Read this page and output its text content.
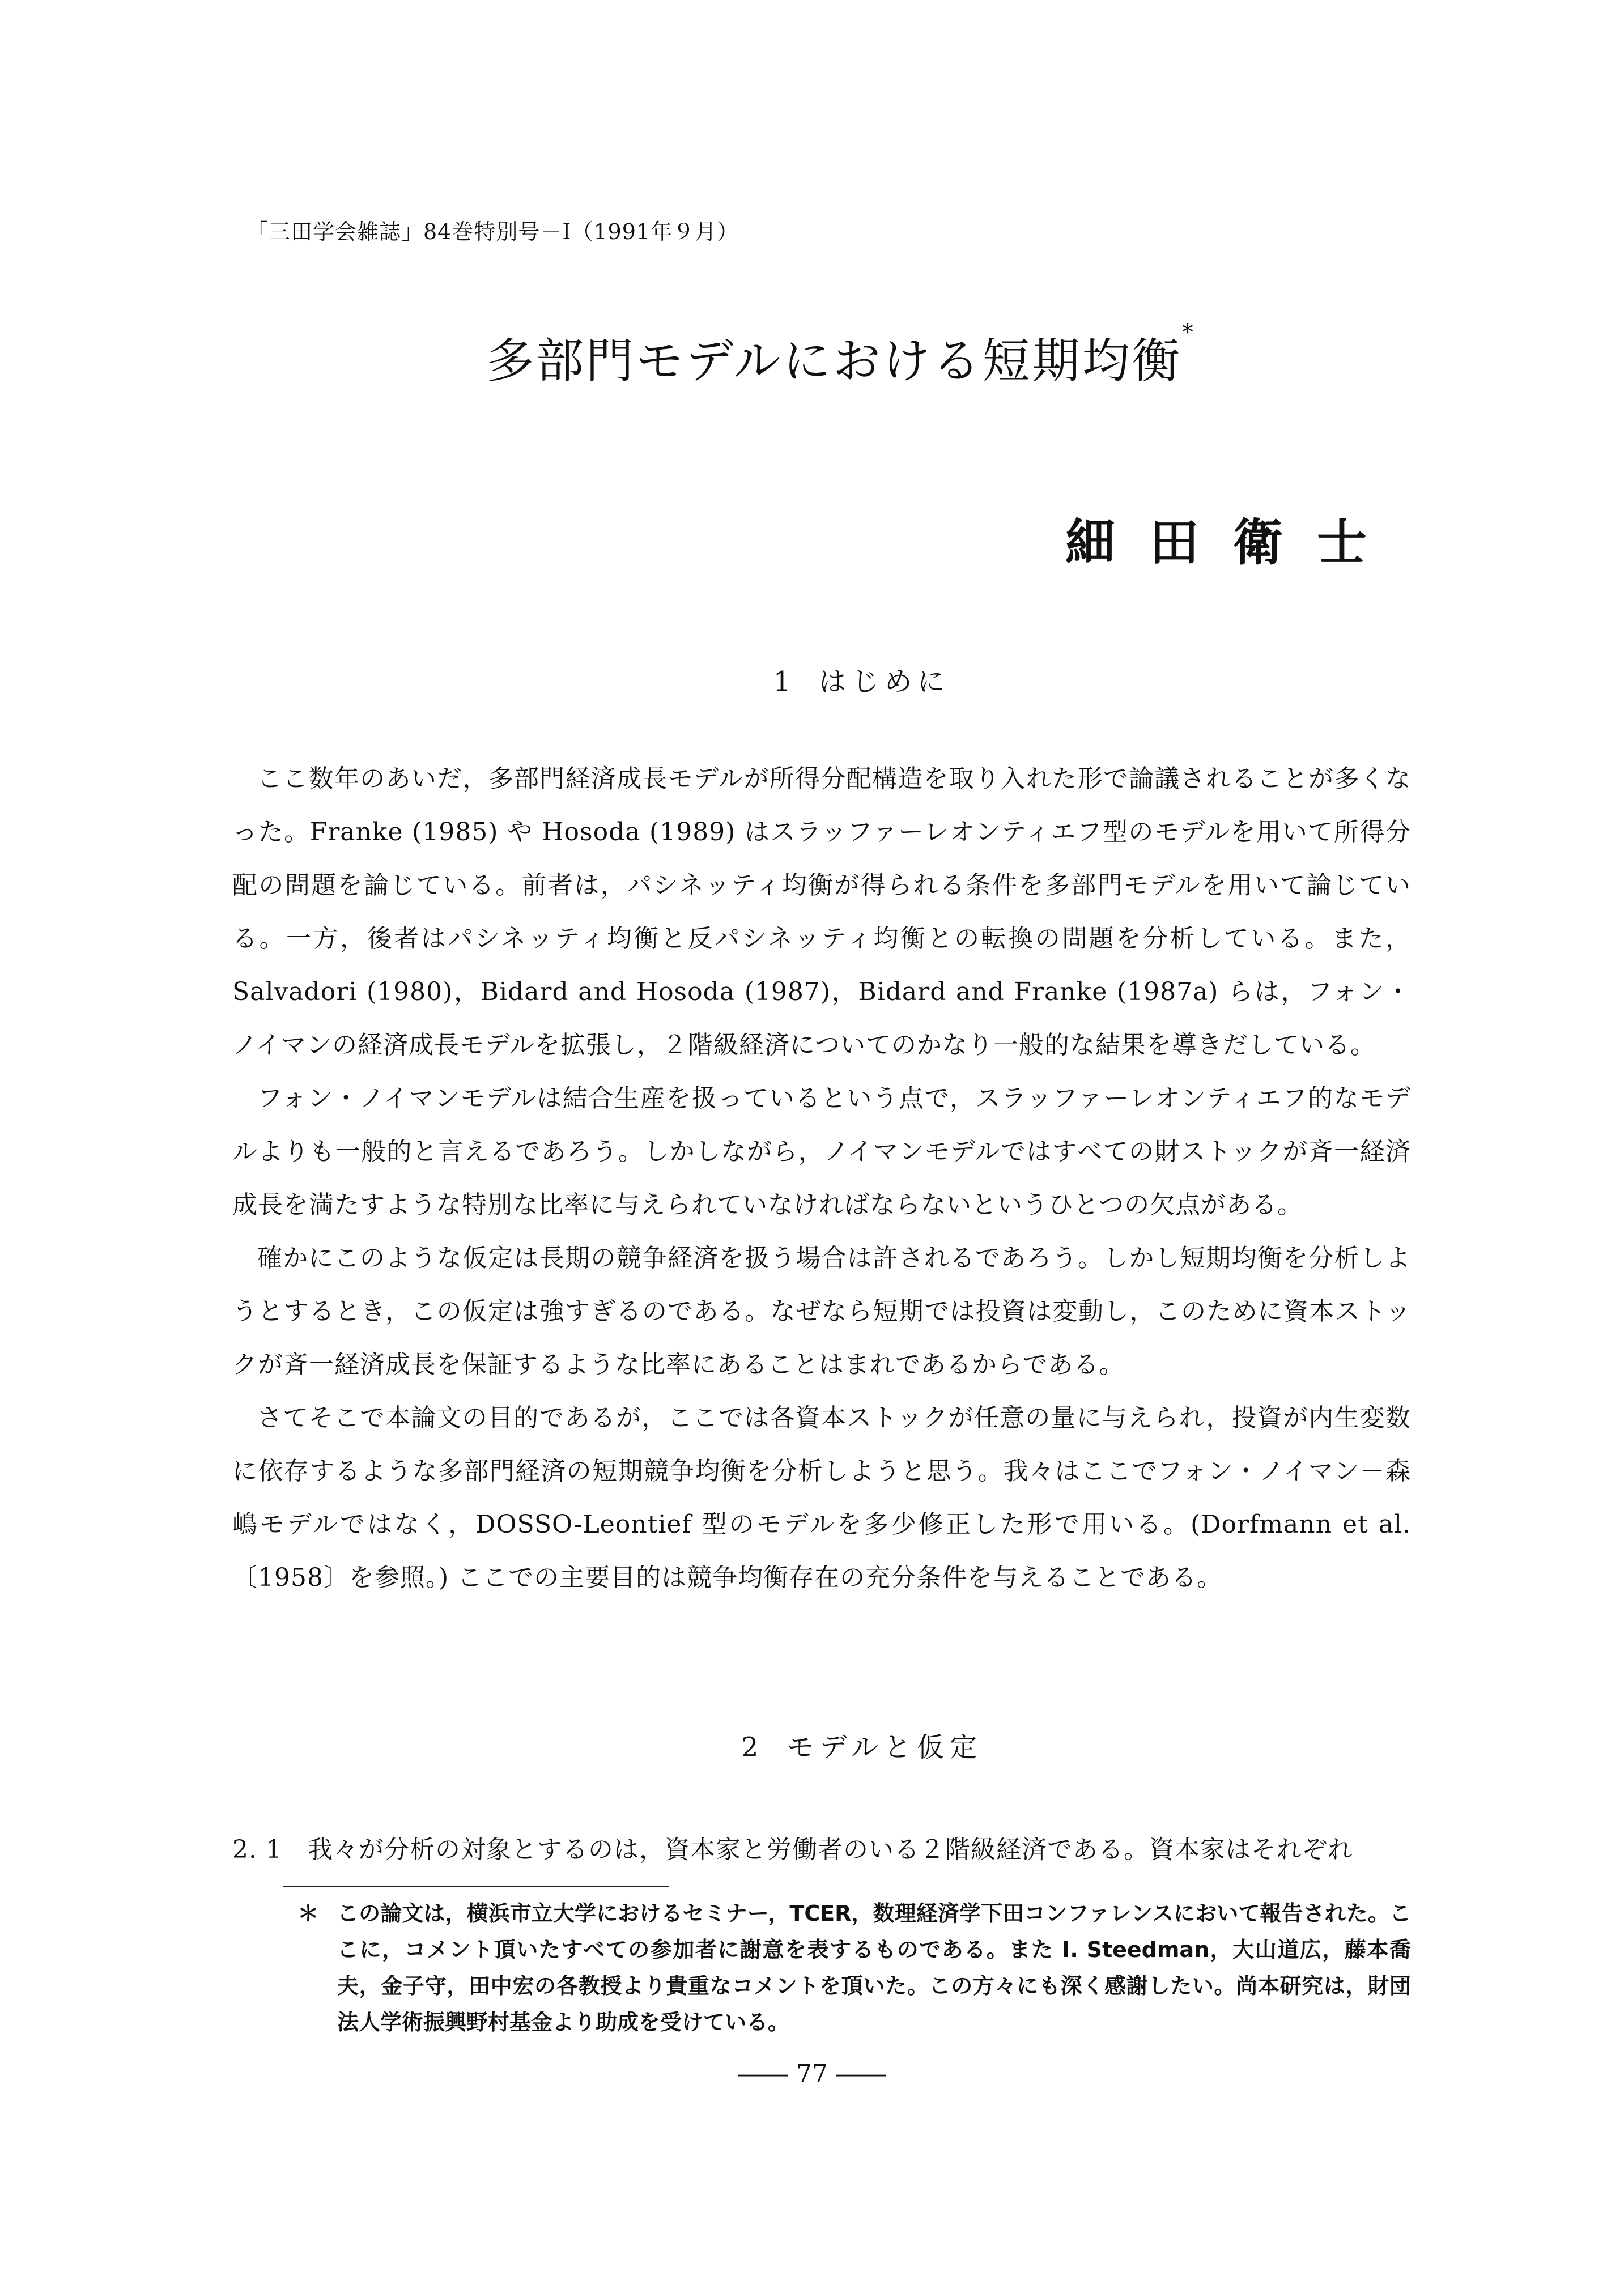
「三田学会雑誌」84巻特別号－Ⅰ（1991年９月）
多部門モデルにおける短期均衡*
細田衛士
1 はじめに

ここ数年のあいだ，多部門経済成長モデルが所得分配構造を取り入れた形で論議されることが多くなった。Franke (1985) や Hosoda (1989) はスラッファーレオンティエフ型のモデルを用いて所得分配の問題を論じている。前者は，パシネッティ均衡が得られる条件を多部門モデルを用いて論じている。一方，後者はパシネッティ均衡と反パシネッティ均衡との転換の問題を分析している。また，Salvadori (1980)，Bidard and Hosoda (1987)，Bidard and Franke (1987a) らは，フォン・ノイマンの経済成長モデルを拡張し，２階級経済についてのかなり一般的な結果を導きだしている。

フォン・ノイマンモデルは結合生産を扱っているという点で，スラッファーレオンティエフ的なモデルよりも一般的と言えるであろう。しかしながら，ノイマンモデルではすべての財ストックが斉一経済成長を満たすような特別な比率に与えられていなければならないというひとつの欠点がある。

確かにこのような仮定は長期の競争経済を扱う場合は許されるであろう。しかし短期均衡を分析しようとするとき，この仮定は強すぎるのである。なぜなら短期では投資は変動し，このために資本ストックが斉一経済成長を保証するような比率にあることはまれであるからである。

さてそこで本論文の目的であるが，ここでは各資本ストックが任意の量に与えられ，投資が内生変数に依存するような多部門経済の短期競争均衡を分析しようと思う。我々はここでフォン・ノイマン－森嶋モデルではなく，DOSSO-Leontief 型のモデルを多少修正した形で用いる。(Dorfmann et al.〔1958〕を参照。) ここでの主要目的は競争均衡存在の充分条件を与えることである。

2 モデルと仮定
2. 1　我々が分析の対象とするのは，資本家と労働者のいる２階級経済である。資本家はそれぞれ
＊ この論文は，横浜市立大学におけるセミナー，TCER，数理経済学下田コンファレンスにおいて報告された。ここに，コメント頂いたすべての参加者に謝意を表するものである。また I. Steedman，大山道広，藤本喬夫，金子守，田中宏の各教授より貴重なコメントを頂いた。この方々にも深く感謝したい。尚本研究は，財団法人学術振興野村基金より助成を受けている。
―― 77 ――
